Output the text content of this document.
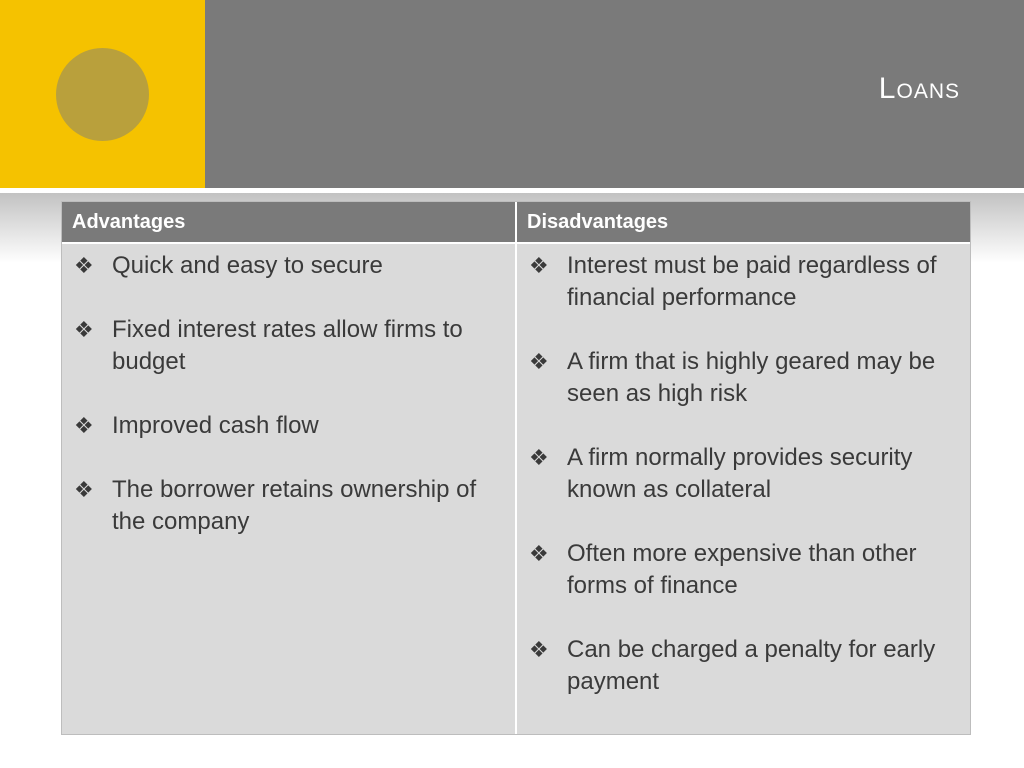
Loans
Advantages
❖ Quick and easy to secure
❖ Fixed interest rates allow firms to budget
❖ Improved cash flow
❖ The borrower retains ownership of the company
Disadvantages
❖ Interest must be paid regardless of financial performance
❖ A firm that is highly geared may be seen as high risk
❖ A firm normally provides security known as collateral
❖ Often more expensive than other forms of finance
❖ Can be charged a penalty for early payment
